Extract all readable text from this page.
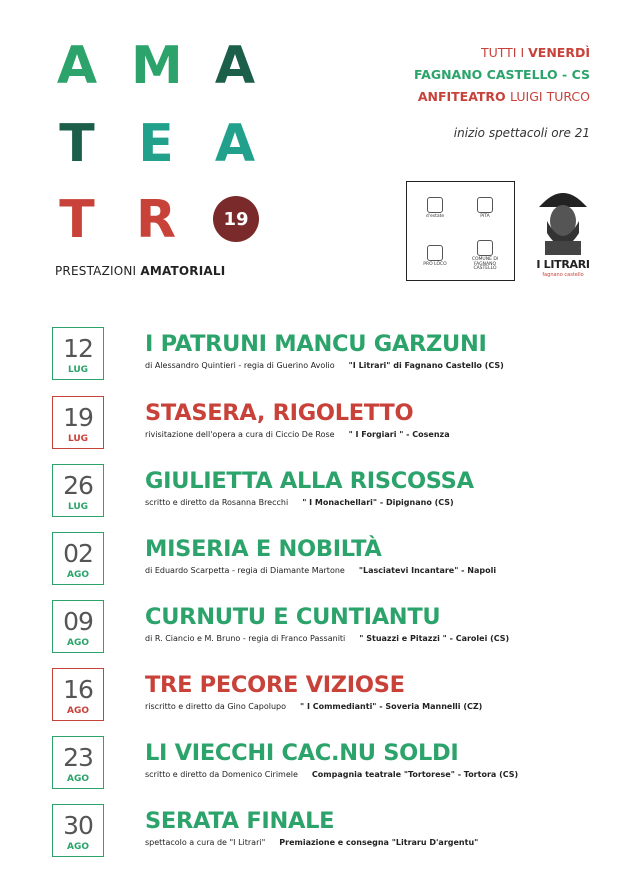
A M A
T E A
T R	19
PRESTAZIONI AMATORIALI
TUTTI I VENERDÌ
FAGNANO CASTELLO - CS
ANFITEATRO LUIGI TURCO
inizio spettacoli ore 21
d'estate	PITA
PRO LOCO
COMUNE DI FAGNANO CASTELLO	I LITRARI
fagnano castello
12
LUG
I PATRUNI MANCU GARZUNI
di Alessandro Quintieri - regia di Guerino Avolio "I Litrari" di Fagnano Castello (CS)
19
LUG
STASERA, RIGOLETTO
rivisitazione dell'opera a cura di Ciccio De Rose " I Forgiari " - Cosenza
26
LUG
GIULIETTA ALLA RISCOSSA
scritto e diretto da Rosanna Brecchi " I Monachellari" - Dipignano (CS)
02
AGO
MISERIA E NOBILTÀ
di Eduardo Scarpetta - regia di Diamante Martone "Lasciatevi Incantare" - Napoli
09
AGO
CURNUTU E CUNTIANTU
di R. Ciancio e M. Bruno - regia di Franco Passaniti " Stuazzi e Pitazzi " - Carolei (CS)
16
AGO
TRE PECORE VIZIOSE
riscritto e diretto da Gino Capolupo " I Commedianti" - Soveria Mannelli (CZ)
23
AGO
LI VIECCHI CAC.NU SOLDI
scritto e diretto da Domenico Cirimele Compagnia teatrale "Tortorese" - Tortora (CS)
30
AGO
SERATA FINALE
spettacolo a cura de "I Litrari" Premiazione e consegna "Litraru D'argentu"
